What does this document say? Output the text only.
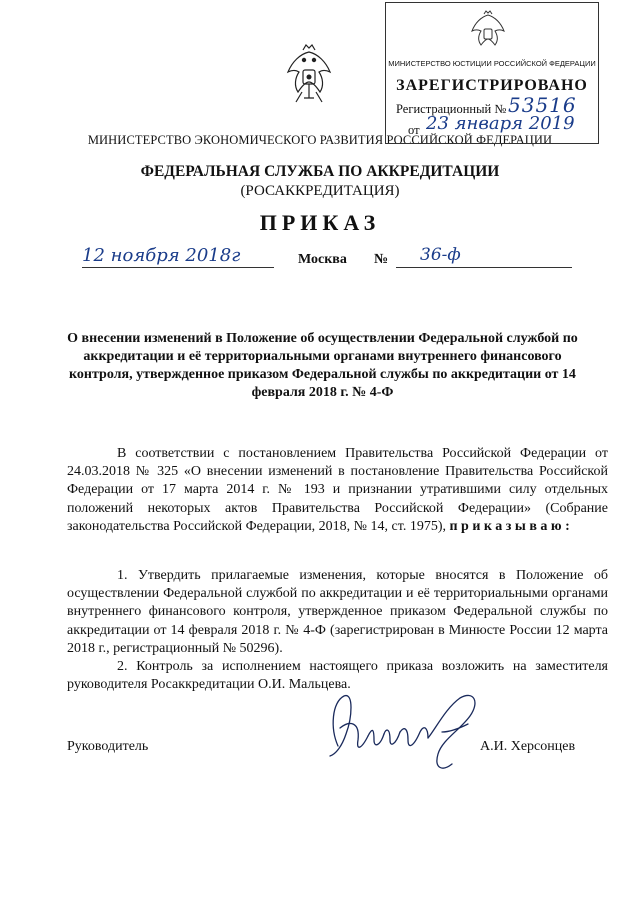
МИНИСТЕРСТВО ЭКОНОМИЧЕСКОГО РАЗВИТИЯ РОССИЙСКОЙ ФЕДЕРАЦИИ
ФЕДЕРАЛЬНАЯ СЛУЖБА ПО АККРЕДИТАЦИИ
(РОСАККРЕДИТАЦИЯ)
ПРИКАЗ
МИНИСТЕРСТВО ЮСТИЦИИ РОССИЙСКОЙ ФЕДЕРАЦИИ
ЗАРЕГИСТРИРОВАНО
Регистрационный № 53516
от 23 января 2019
12 ноября 2018г	Москва № 36-ф
О внесении изменений в Положение об осуществлении Федеральной службой по аккредитации и её территориальными органами внутреннего финансового контроля, утвержденное приказом Федеральной службы по аккредитации от 14 февраля 2018 г. № 4-Ф
В соответствии с постановлением Правительства Российской Федерации от 24.03.2018 № 325 «О внесении изменений в постановление Правительства Российской Федерации от 17 марта 2014 г. № 193 и признании утратившими силу отдельных положений некоторых актов Правительства Российской Федерации» (Собрание законодательства Российской Федерации, 2018, № 14, ст. 1975), приказываю:
1. Утвердить прилагаемые изменения, которые вносятся в Положение об осуществлении Федеральной службой по аккредитации и её территориальными органами внутреннего финансового контроля, утвержденное приказом Федеральной службы по аккредитации от 14 февраля 2018 г. № 4-Ф (зарегистрирован в Минюсте России 12 марта 2018 г., регистрационный № 50296).
2. Контроль за исполнением настоящего приказа возложить на заместителя руководителя Росаккредитации О.И. Мальцева.
Руководитель	А.И. Херсонцев
